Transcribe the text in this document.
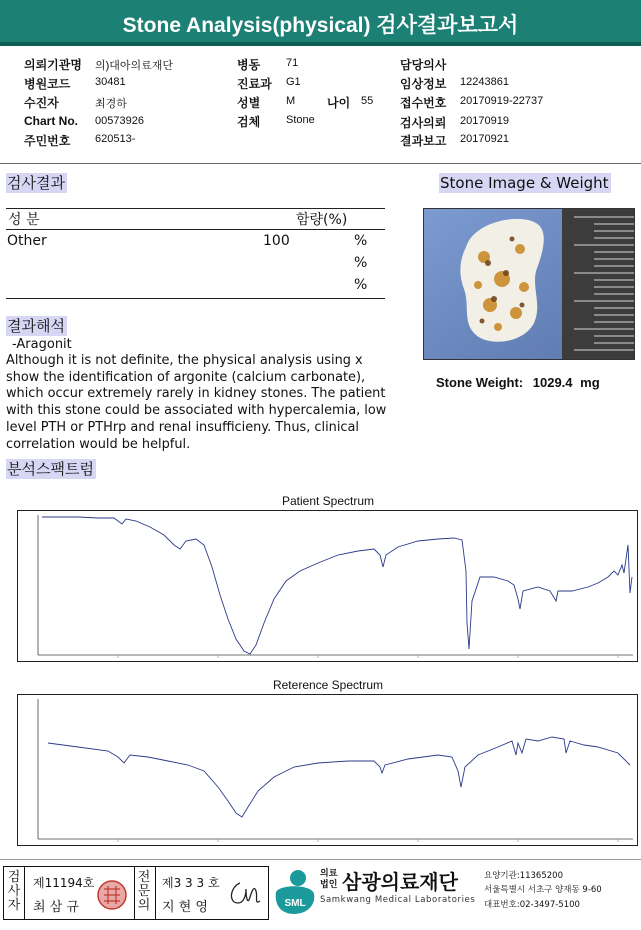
Stone Analysis(physical) 검사결과보고서
의뢰기관명 의)대아의료재단
병원코드 30481
수진자	최경하
Chart No. 00573926
주민번호 620513-
병동 71
진료과 G1
성별 M	나이 55
검체 Stone
담당의사
임상정보 12243861
접수번호 20170919-22737
검사의뢰 20170919
결과보고 20170921
검사결과
성 분	함량(%)
Other	100	%
%
%
결과해석
-Aragonit
Although it is not definite, the physical analysis using x show the identification of argonite (calcium carbonate), which occur extremely rarely in kidney stones. The patient with this stone could be associated with hypercalemia, low level PTH or PTHrp and renal insufficieny. Thus, clinical correlation would be helpful.
Stone Image & Weight
Stone Weight: 1029.4 mg
분석스팩트럼
Patient Spectrum
Reterence Spectrum
검
사
자
제11194호
최 삼 규
전
문
의
제3 3 3 호
지 현 영	SML
의료
법인 삼광의료재단
Samkwang Medical Laboratories
요양기관:11365200
서울특별시 서초구 양재동 9-60
대표번호:02-3497-5100
